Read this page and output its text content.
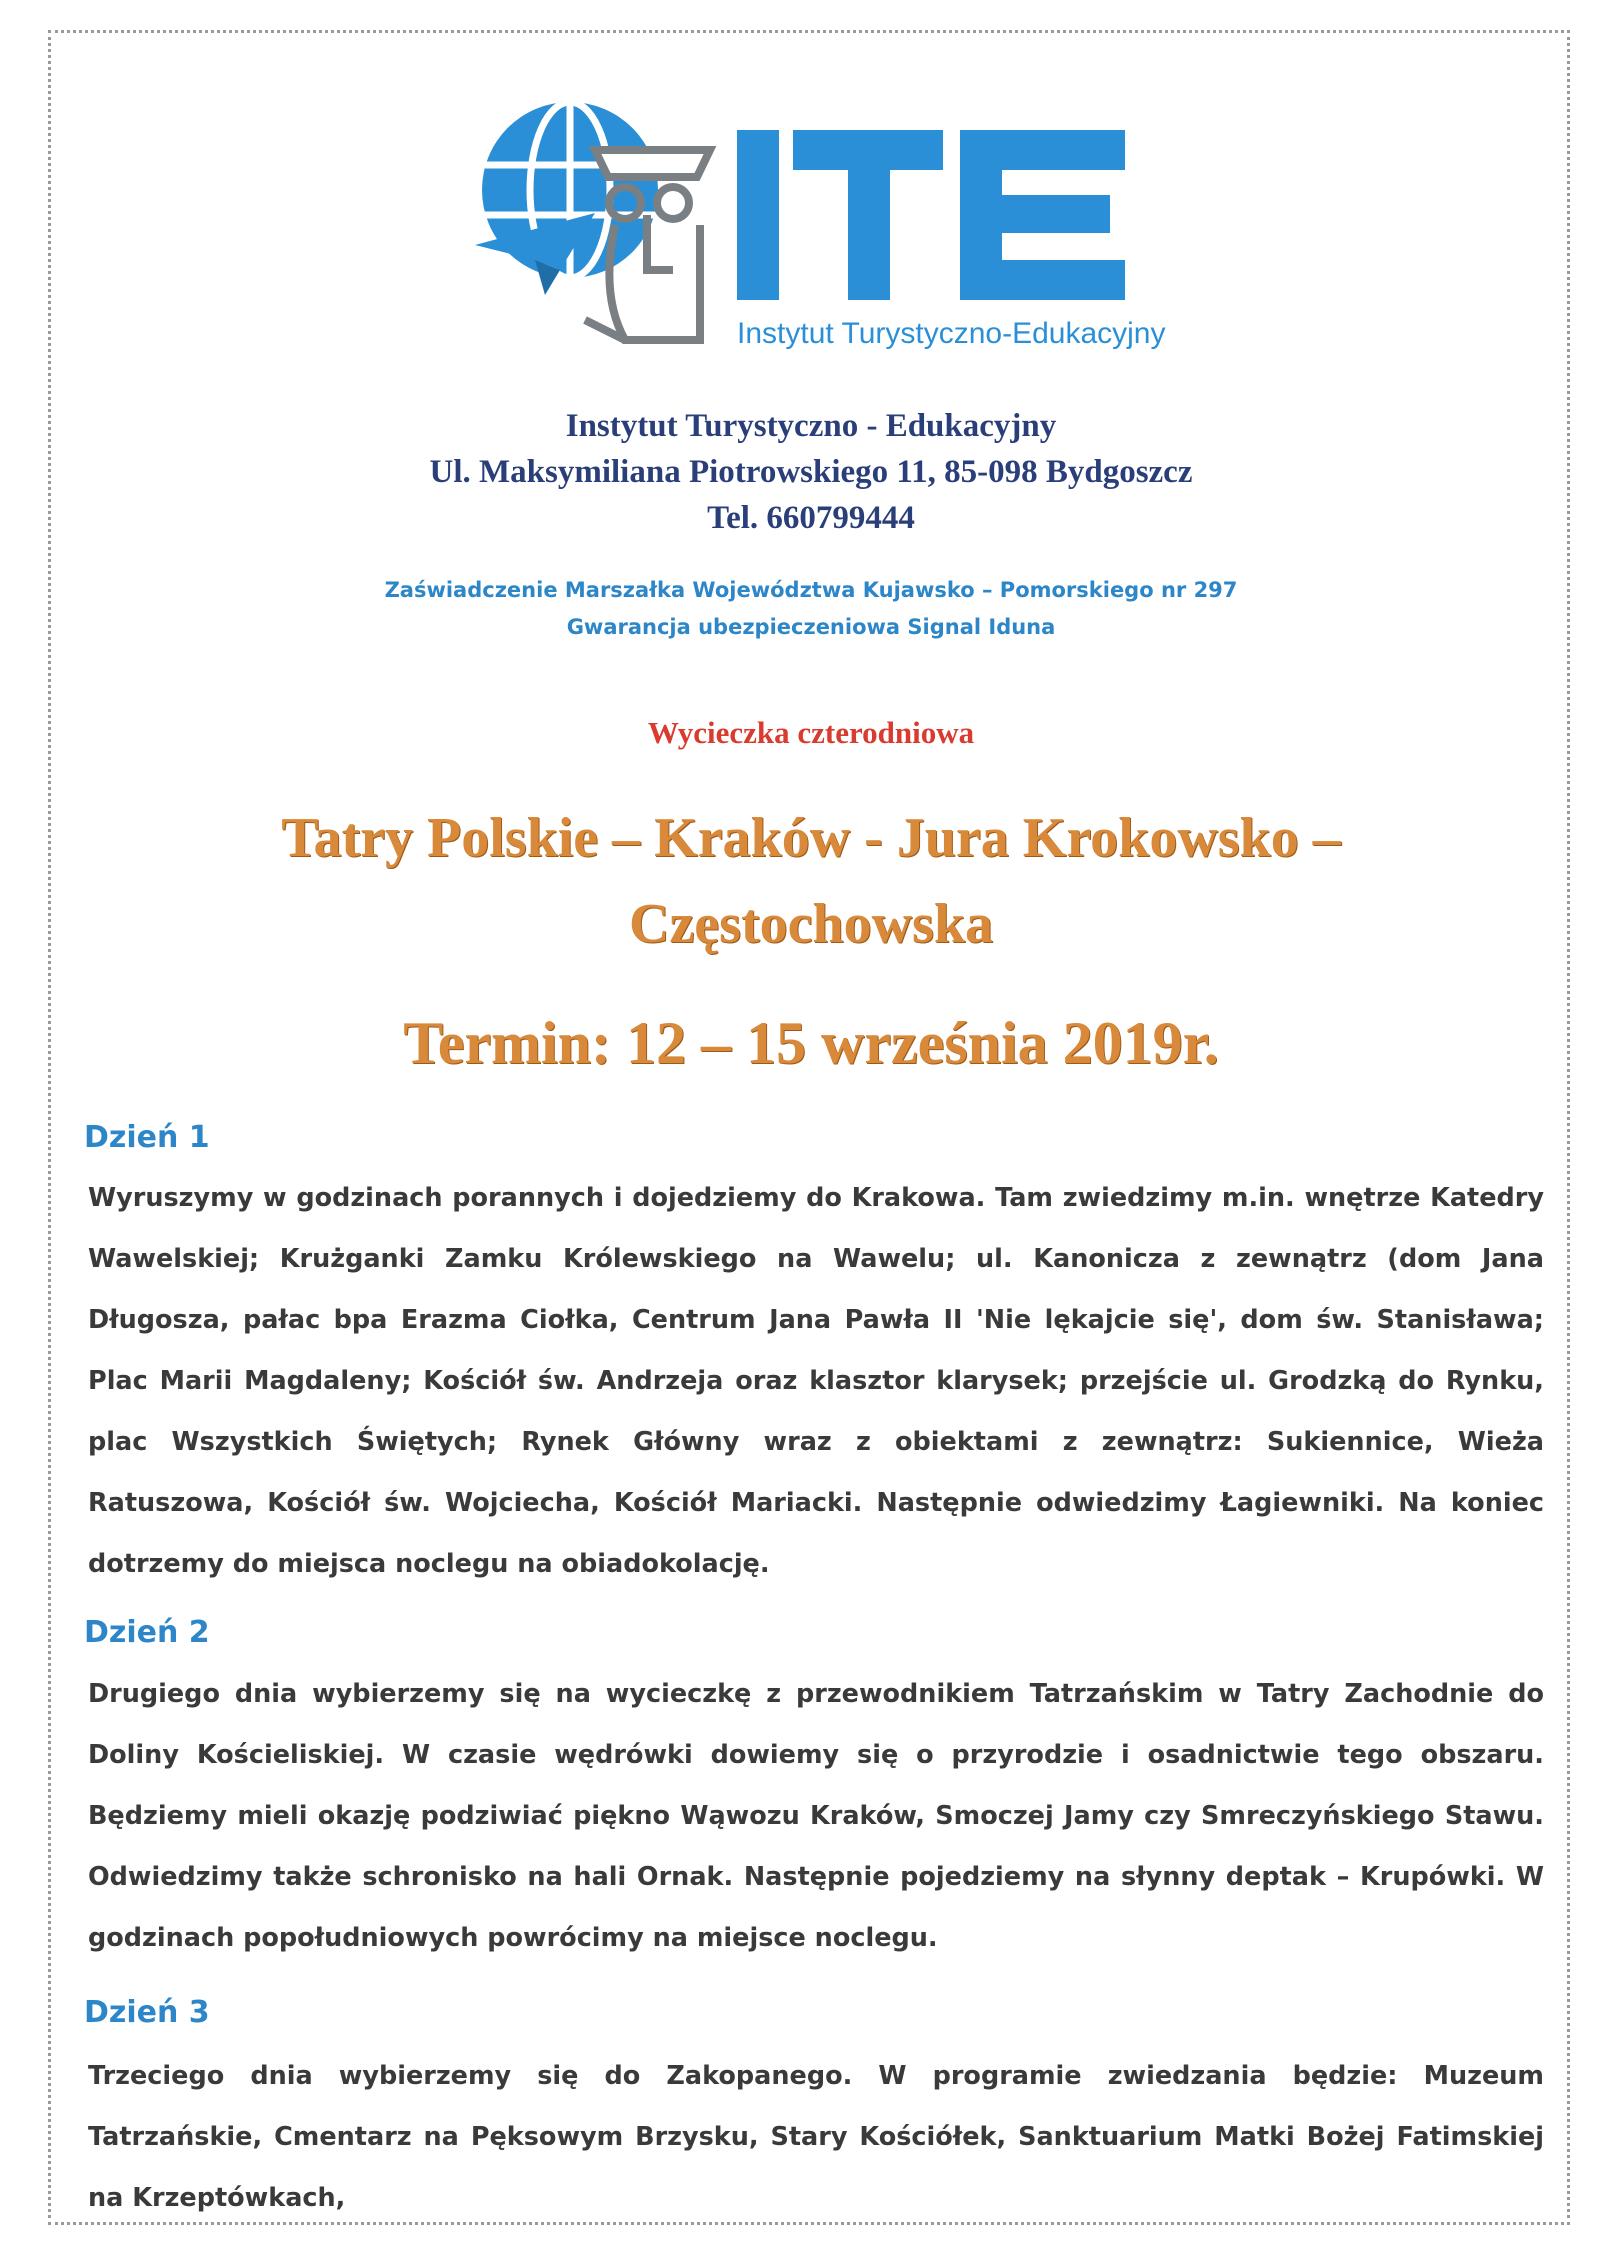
Instytut Turystyczno-Edukacyjny
Instytut Turystyczno - Edukacyjny
Ul. Maksymiliana Piotrowskiego 11, 85-098 Bydgoszcz
Tel. 660799444
Zaświadczenie Marszałka Województwa Kujawsko – Pomorskiego nr 297
Gwarancja ubezpieczeniowa Signal Iduna
Wycieczka czterodniowa
Tatry Polskie – Kraków - Jura Krokowsko –
Częstochowska
Termin: 12 – 15 września 2019r.
Dzień 1
Wyruszymy w godzinach porannych i dojedziemy do Krakowa. Tam zwiedzimy m.in. wnętrze Katedry Wawelskiej; Krużganki Zamku Królewskiego na Wawelu; ul. Kanonicza z zewnątrz (dom Jana Długosza, pałac bpa Erazma Ciołka, Centrum Jana Pawła II 'Nie lękajcie się', dom św. Stanisława; Plac Marii Magdaleny; Kościół św. Andrzeja oraz klasztor klarysek; przejście ul. Grodzką do Rynku, plac Wszystkich Świętych; Rynek Główny wraz z obiektami z zewnątrz: Sukiennice, Wieża Ratuszowa, Kościół św. Wojciecha, Kościół Mariacki. Następnie odwiedzimy Łagiewniki. Na koniec dotrzemy do miejsca noclegu na obiadokolację.
Dzień 2
Drugiego dnia wybierzemy się na wycieczkę z przewodnikiem Tatrzańskim w Tatry Zachodnie do Doliny Kościeliskiej. W czasie wędrówki dowiemy się o przyrodzie i osadnictwie tego obszaru. Będziemy mieli okazję podziwiać piękno Wąwozu Kraków, Smoczej Jamy czy Smreczyńskiego Stawu. Odwiedzimy także schronisko na hali Ornak. Następnie pojedziemy na słynny deptak – Krupówki. W godzinach popołudniowych powrócimy na miejsce noclegu.
Dzień 3
Trzeciego dnia wybierzemy się do Zakopanego. W programie zwiedzania będzie: Muzeum Tatrzańskie, Cmentarz na Pęksowym Brzysku, Stary Kościółek, Sanktuarium Matki Bożej Fatimskiej na Krzeptówkach,
